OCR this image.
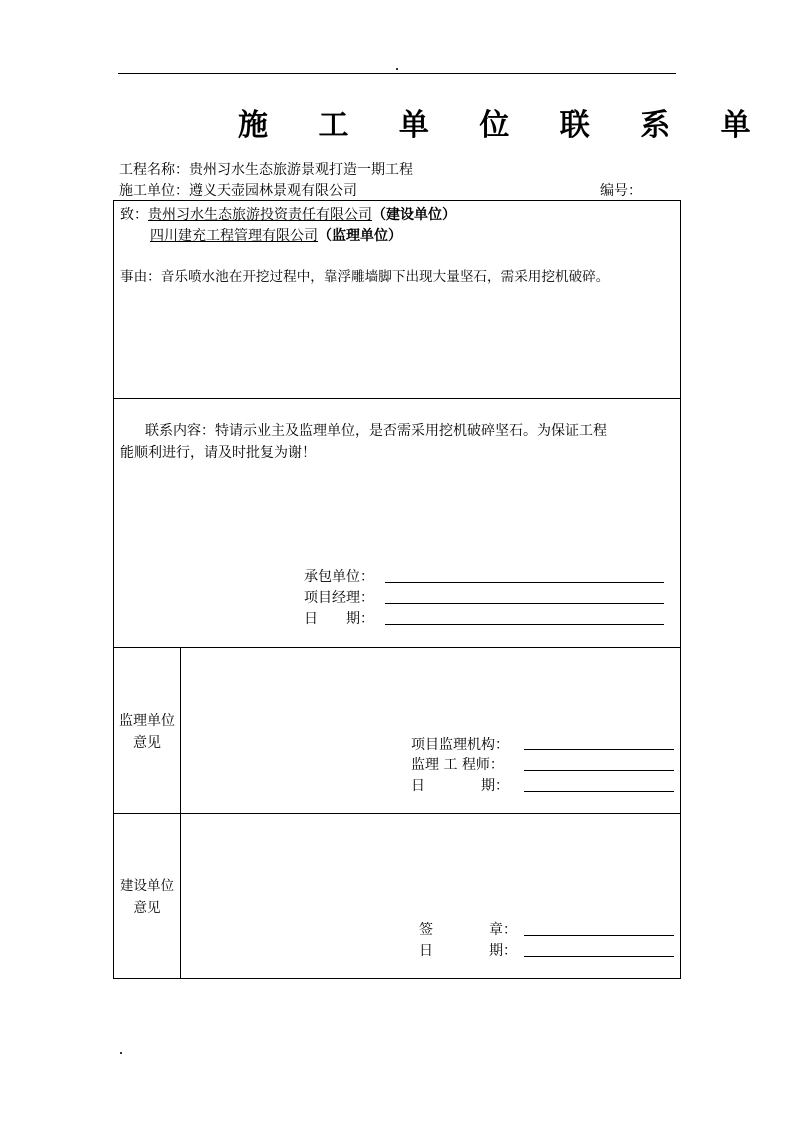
施 工 单 位 联 系 单
工程名称：贵州习水生态旅游景观打造一期工程
施工单位：遵义天壶园林景观有限公司	编号：
致：贵州习水生态旅游投资责任有限公司（建设单位）
四川建充工程管理有限公司（监理单位）
事由：音乐喷水池在开挖过程中，靠浮雕墙脚下出现大量坚石，需采用挖机破碎。
联系内容：特请示业主及监理单位，是否需采用挖机破碎坚石。为保证工程
能顺利进行，请及时批复为谢！
承包单位：
项目经理：
日　　期：
监理单位意见	项目监理机构：
监理 工 程师：
日　　　　期：
建设单位意见
签　　　　章：
日　　　　期：
